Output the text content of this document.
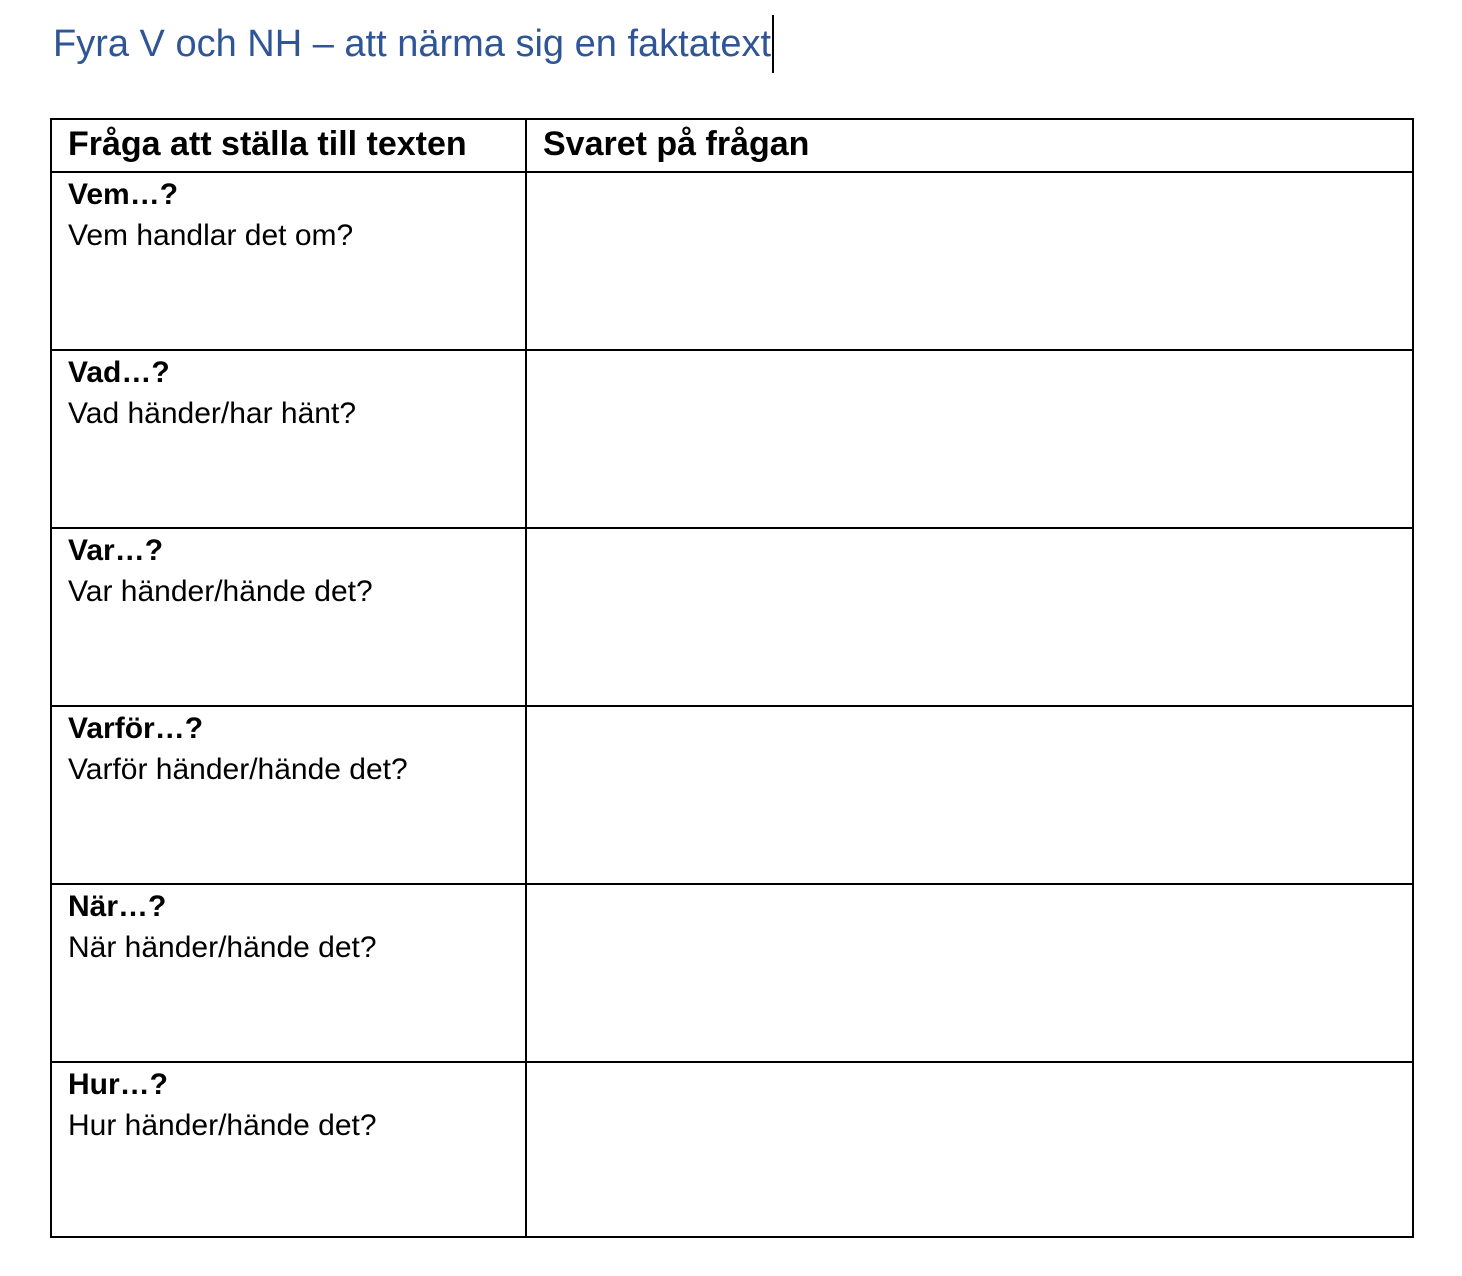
Fyra V och NH – att närma sig en faktatext
Fråga att ställa till texten	Svaret på frågan

Vem…?
Vem handlar det om?	

Vad…?
Vad händer/har hänt?	

Var…?
Var händer/hände det?	

Varför…?
Varför händer/hände det?	

När…?
När händer/hände det?	

Hur…?
Hur händer/hände det?	
